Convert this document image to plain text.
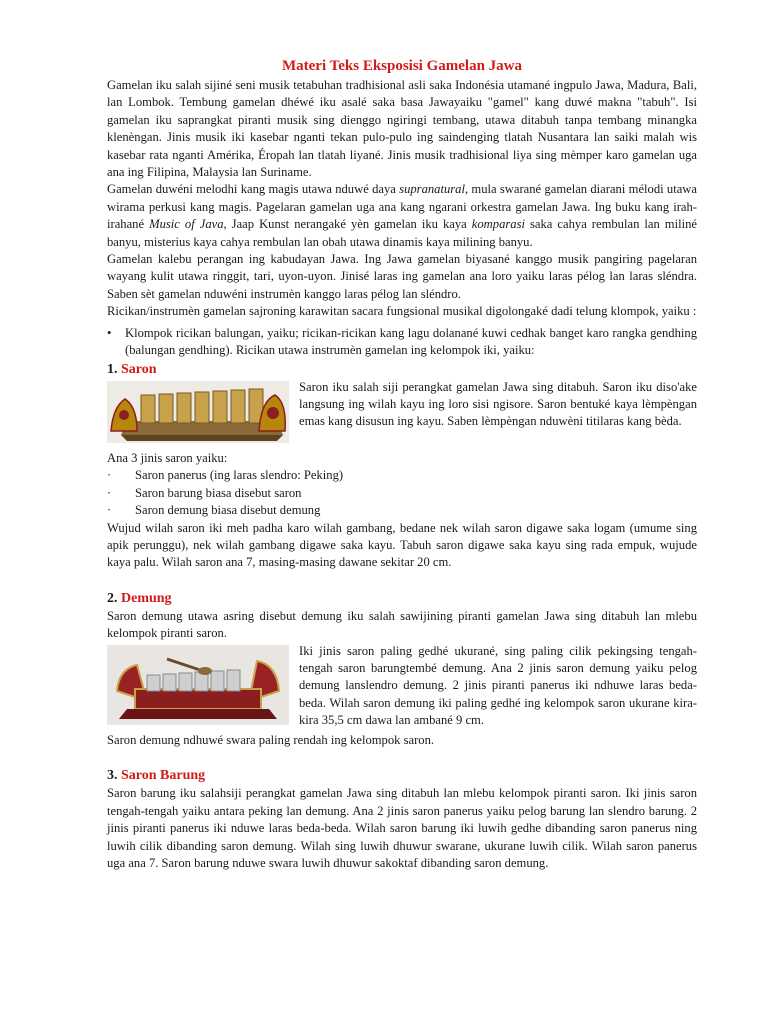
Materi Teks Eksposisi Gamelan Jawa

Gamelan iku salah sijiné seni musik tetabuhan tradhisional asli saka Indonésia utamané ingpulo Jawa, Madura, Bali, lan Lombok. Tembung gamelan dhéwé iku asalé saka basa Jawayaiku "gamel" kang duwé makna "tabuh". Isi gamelan iku saprangkat piranti musik sing dienggo ngiringi tembang, utawa ditabuh tanpa tembang minangka klenèngan. Jinis musik iki kasebar nganti tekan pulo-pulo ing saindenging tlatah Nusantara lan saiki malah wis kasebar rata nganti Amérika, Éropah lan tlatah liyané. Jinis musik tradhisional liya sing mèmper karo gamelan uga ana ing Filipina, Malaysia lan Suriname.

Gamelan duwéni melodhi kang magis utawa nduwé daya supranatural, mula swarané gamelan diarani mélodi utawa wirama perkusi kang magis. Pagelaran gamelan uga ana kang ngarani orkestra gamelan Jawa. Ing buku kang irah-irahané Music of Java, Jaap Kunst nerangaké yèn gamelan iku kaya komparasi saka cahya rembulan lan miliné banyu, misterius kaya cahya rembulan lan obah utawa dinamis kaya milining banyu.

Gamelan kalebu perangan ing kabudayan Jawa. Ing Jawa gamelan biyasané kanggo musik pangiring pagelaran wayang kulit utawa ringgit, tari, uyon-uyon. Jinisé laras ing gamelan ana loro yaiku laras pélog lan laras sléndra. Saben sèt gamelan nduwéni instrumèn kanggo laras pélog lan sléndro.

Ricikan/instrumèn gamelan sajroning karawitan sacara fungsional musikal digolongaké dadi telung klompok, yaiku :

•	Klompok ricikan balungan, yaiku; ricikan-ricikan kang lagu dolanané kuwi cedhak banget karo rangka gendhing (balungan gendhing). Ricikan utawa instrumèn gamelan ing kelompok iki, yaiku:
1. Saron

Saron iku salah siji perangkat gamelan Jawa sing ditabuh. Saron iku diso'ake langsung ing wilah kayu ing loro sisi ngisore. Saron bentuké kaya lèmpèngan emas kang disusun ing kayu. Saben lèmpèngan nduwèni titilaras kang bèda.

Ana 3 jinis saron yaiku:

·	Saron panerus (ing laras slendro: Peking)
·	Saron barung biasa disebut saron
·	Saron demung biasa disebut demung

Wujud wilah saron iki meh padha karo wilah gambang, bedane nek wilah saron digawe saka logam (umume sing apik perunggu), nek wilah gambang digawe saka kayu. Tabuh saron digawe saka kayu sing rada empuk, wujude kaya palu. Wilah saron ana 7, masing-masing dawane sekitar 20 cm.

2. Demung

Saron demung utawa asring disebut demung iku salah sawijining piranti gamelan Jawa sing ditabuh lan mlebu kelompok piranti saron.

Iki jinis saron paling gedhé ukurané, sing paling cilik pekingsing tengah-tengah saron barungtembé demung. Ana 2 jinis saron demung yaiku pelog demung lanslendro demung. 2 jinis piranti panerus iki ndhuwe laras beda-beda. Wilah saron demung iki paling gedhé ing kelompok saron ukurane kira-kira 35,5 cm dawa lan ambané 9 cm.

Saron demung ndhuwé swara paling rendah ing kelompok saron.

3. Saron Barung

Saron barung iku salahsiji perangkat gamelan Jawa sing ditabuh lan mlebu kelompok piranti saron. Iki jinis saron tengah-tengah yaiku antara peking lan demung. Ana 2 jinis saron panerus yaiku pelog barung lan slendro barung. 2 jinis piranti panerus iki nduwe laras beda-beda. Wilah saron barung iki luwih gedhe dibanding saron panerus ning luwih cilik dibanding saron demung. Wilah sing luwih dhuwur swarane, ukurane luwih cilik. Wilah saron panerus uga ana 7. Saron barung nduwe swara luwih dhuwur sakoktaf dibanding saron demung.
